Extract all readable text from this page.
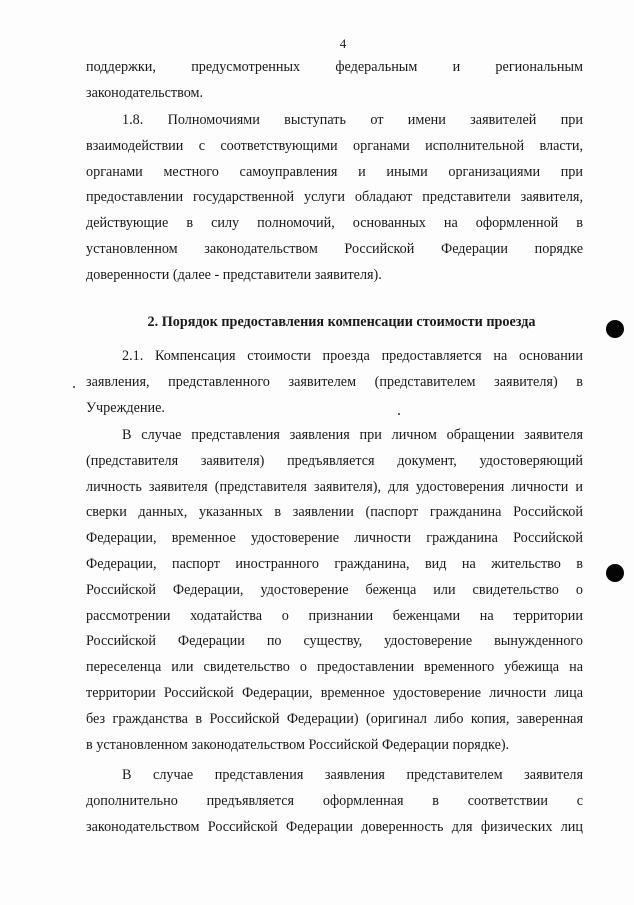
4
поддержки, предусмотренных федеральным и региональным
законодательством.
1.8. Полномочиями выступать от имени заявителей при
взаимодействии с соответствующими органами исполнительной власти,
органами местного самоуправления и иными организациями при
предоставлении государственной услуги обладают представители заявителя,
действующие в силу полномочий, основанных на оформленной в
установленном законодательством Российской Федерации порядке
доверенности (далее - представители заявителя).

2. Порядок предоставления компенсации стоимости проезда

2.1. Компенсация стоимости проезда предоставляется на основании
заявления, представленного заявителем (представителем заявителя) в
Учреждение.
В случае представления заявления при личном обращении заявителя
(представителя заявителя) предъявляется документ, удостоверяющий
личность заявителя (представителя заявителя), для удостоверения личности и
сверки данных, указанных в заявлении (паспорт гражданина Российской
Федерации, временное удостоверение личности гражданина Российской
Федерации, паспорт иностранного гражданина, вид на жительство в
Российской Федерации, удостоверение беженца или свидетельство о
рассмотрении ходатайства о признании беженцами на территории
Российской Федерации по существу, удостоверение вынужденного
переселенца или свидетельство о предоставлении временного убежища на
территории Российской Федерации, временное удостоверение личности лица
без гражданства в Российской Федерации) (оригинал либо копия, заверенная
в установленном законодательством Российской Федерации порядке).
В случае представления заявления представителем заявителя
дополнительно предъявляется оформленная в соответствии с
законодательством Российской Федерации доверенность для физических лиц
